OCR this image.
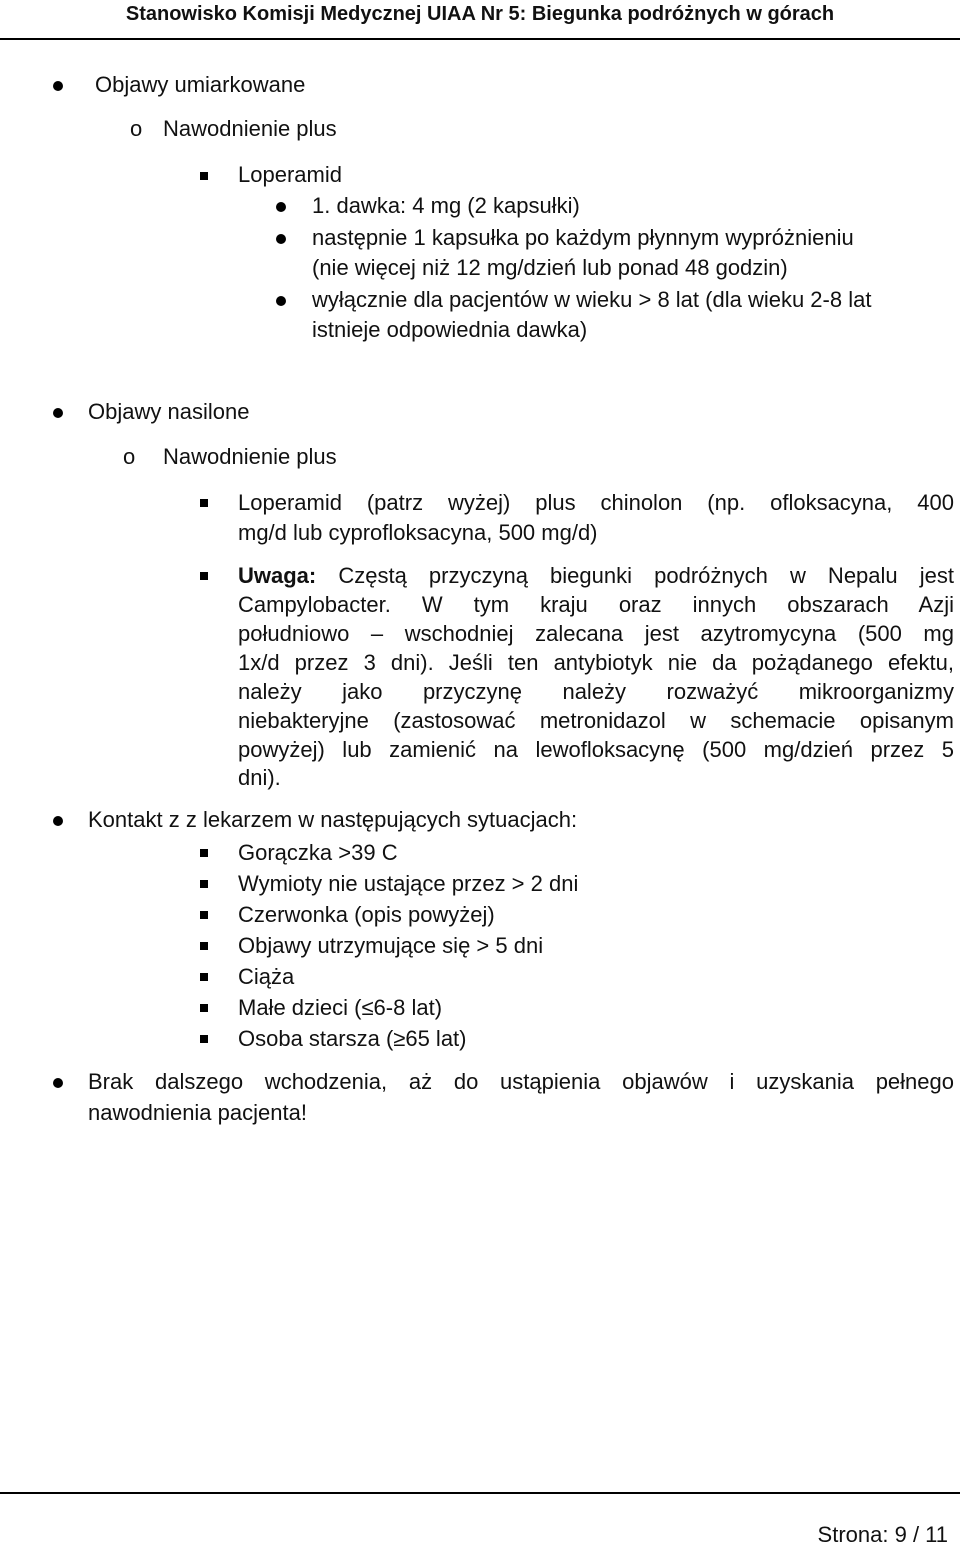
Stanowisko Komisji Medycznej UIAA Nr 5: Biegunka podróżnych w górach
Objawy umiarkowane
o Nawodnienie plus
Loperamid
1. dawka: 4 mg (2 kapsułki)
następnie 1 kapsułka po każdym płynnym wypróżnieniu
(nie więcej niż 12 mg/dzień lub ponad 48 godzin)
wyłącznie dla pacjentów w wieku > 8 lat (dla wieku 2-8 lat
istnieje odpowiednia dawka)
Objawy nasilone
o Nawodnienie plus
Loperamid (patrz wyżej) plus chinolon (np. ofloksacyna, 400
mg/d lub cyprofloksacyna, 500 mg/d)
Uwaga: Częstą przyczyną biegunki podróżnych w Nepalu jest
Campylobacter. W tym kraju oraz innych obszarach Azji
południowo – wschodniej zalecana jest azytromycyna (500 mg
1x/d przez 3 dni). Jeśli ten antybiotyk nie da pożądanego efektu,
należy jako przyczynę należy rozważyć mikroorganizmy
niebakteryjne (zastosować metronidazol w schemacie opisanym
powyżej) lub zamienić na lewofloksacynę (500 mg/dzień przez 5
dni).
Kontakt z z lekarzem w następujących sytuacjach:
Gorączka >39 C
Wymioty nie ustające przez > 2 dni
Czerwonka (opis powyżej)
Objawy utrzymujące się > 5 dni
Ciąża
Małe dzieci (≤6-8 lat)
Osoba starsza (≥65 lat)
Brak dalszego wchodzenia, aż do ustąpienia objawów i uzyskania pełnego
nawodnienia pacjenta!
Strona: 9 / 11
